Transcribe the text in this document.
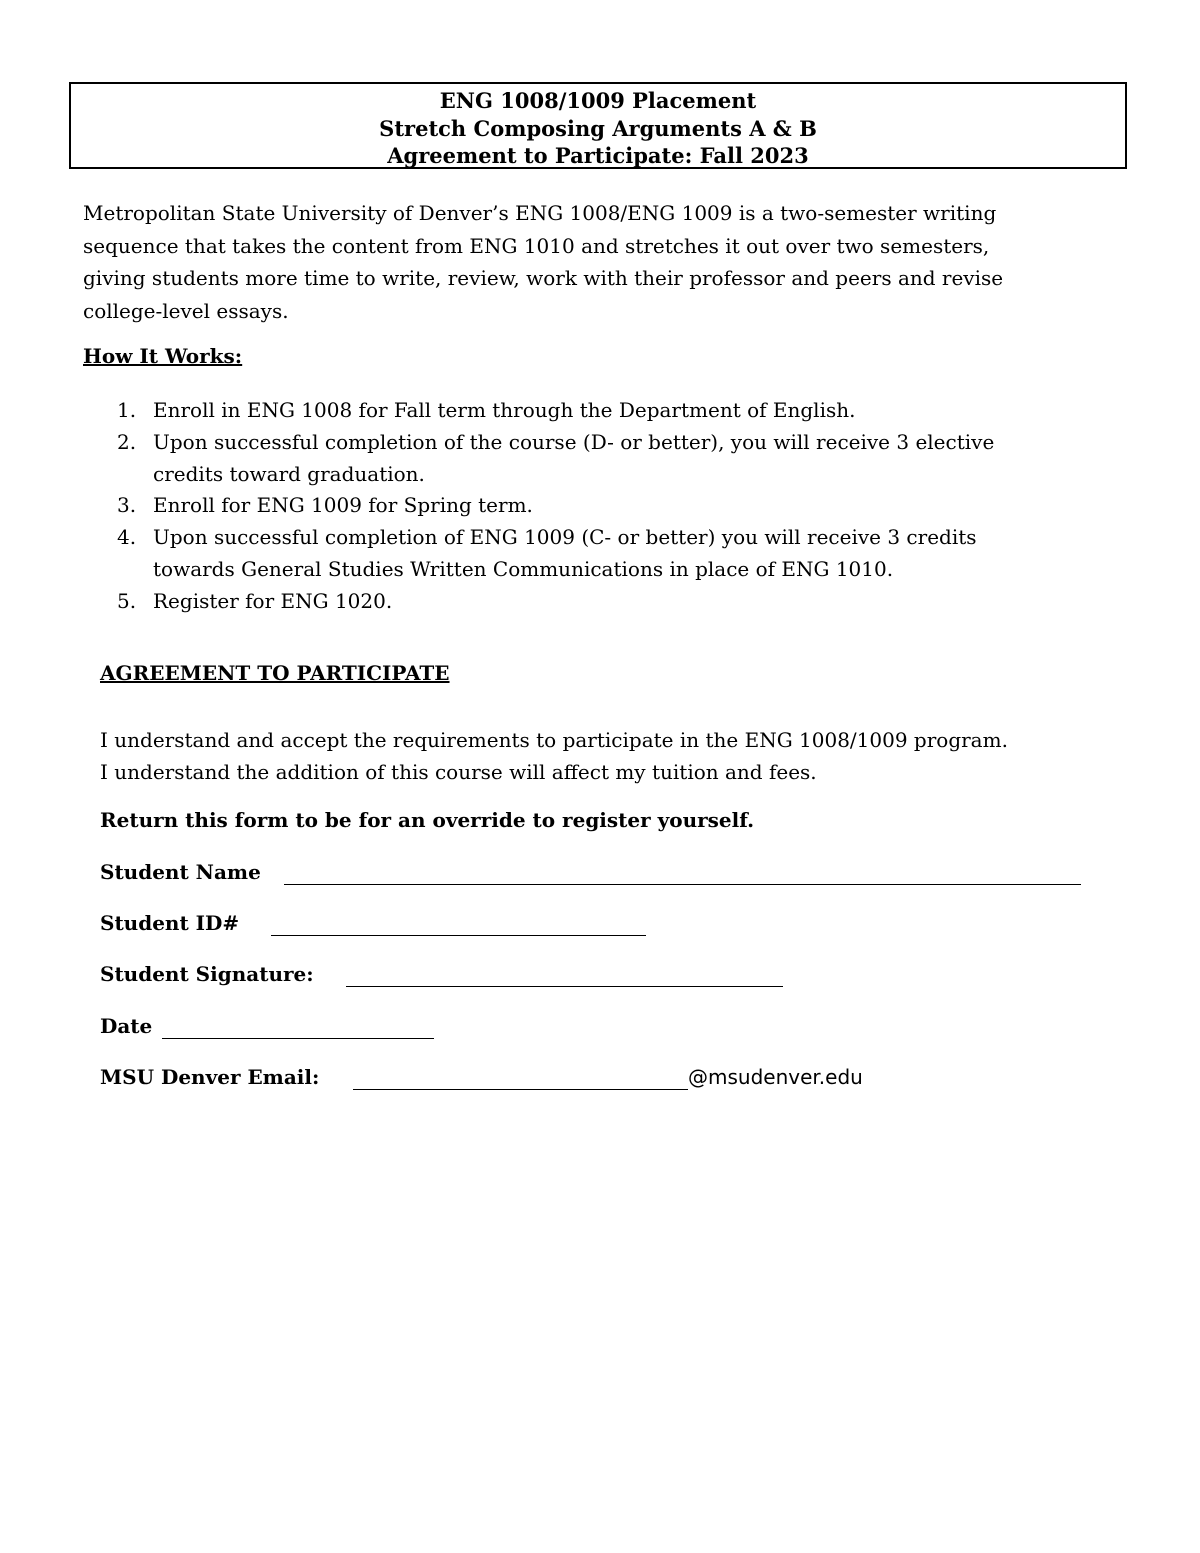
ENG 1008/1009 Placement
Stretch Composing Arguments A & B
Agreement to Participate: Fall 2023

Metropolitan State University of Denver’s ENG 1008/ENG 1009 is a two-semester writing
sequence that takes the content from ENG 1010 and stretches it out over two semesters,
giving students more time to write, review, work with their professor and peers and revise
college-level essays.

How It Works:

1. Enroll in ENG 1008 for Fall term through the Department of English.
2. Upon successful completion of the course (D- or better), you will receive 3 elective
credits toward graduation.
3. Enroll for ENG 1009 for Spring term.
4. Upon successful completion of ENG 1009 (C- or better) you will receive 3 credits
towards General Studies Written Communications in place of ENG 1010.
5. Register for ENG 1020.

AGREEMENT TO PARTICIPATE

I understand and accept the requirements to participate in the ENG 1008/1009 program.
I understand the addition of this course will affect my tuition and fees.

Return this form to be for an override to register yourself.

Student Name
Student ID#
Student Signature:
Date
MSU Denver Email:	@msudenver.edu
